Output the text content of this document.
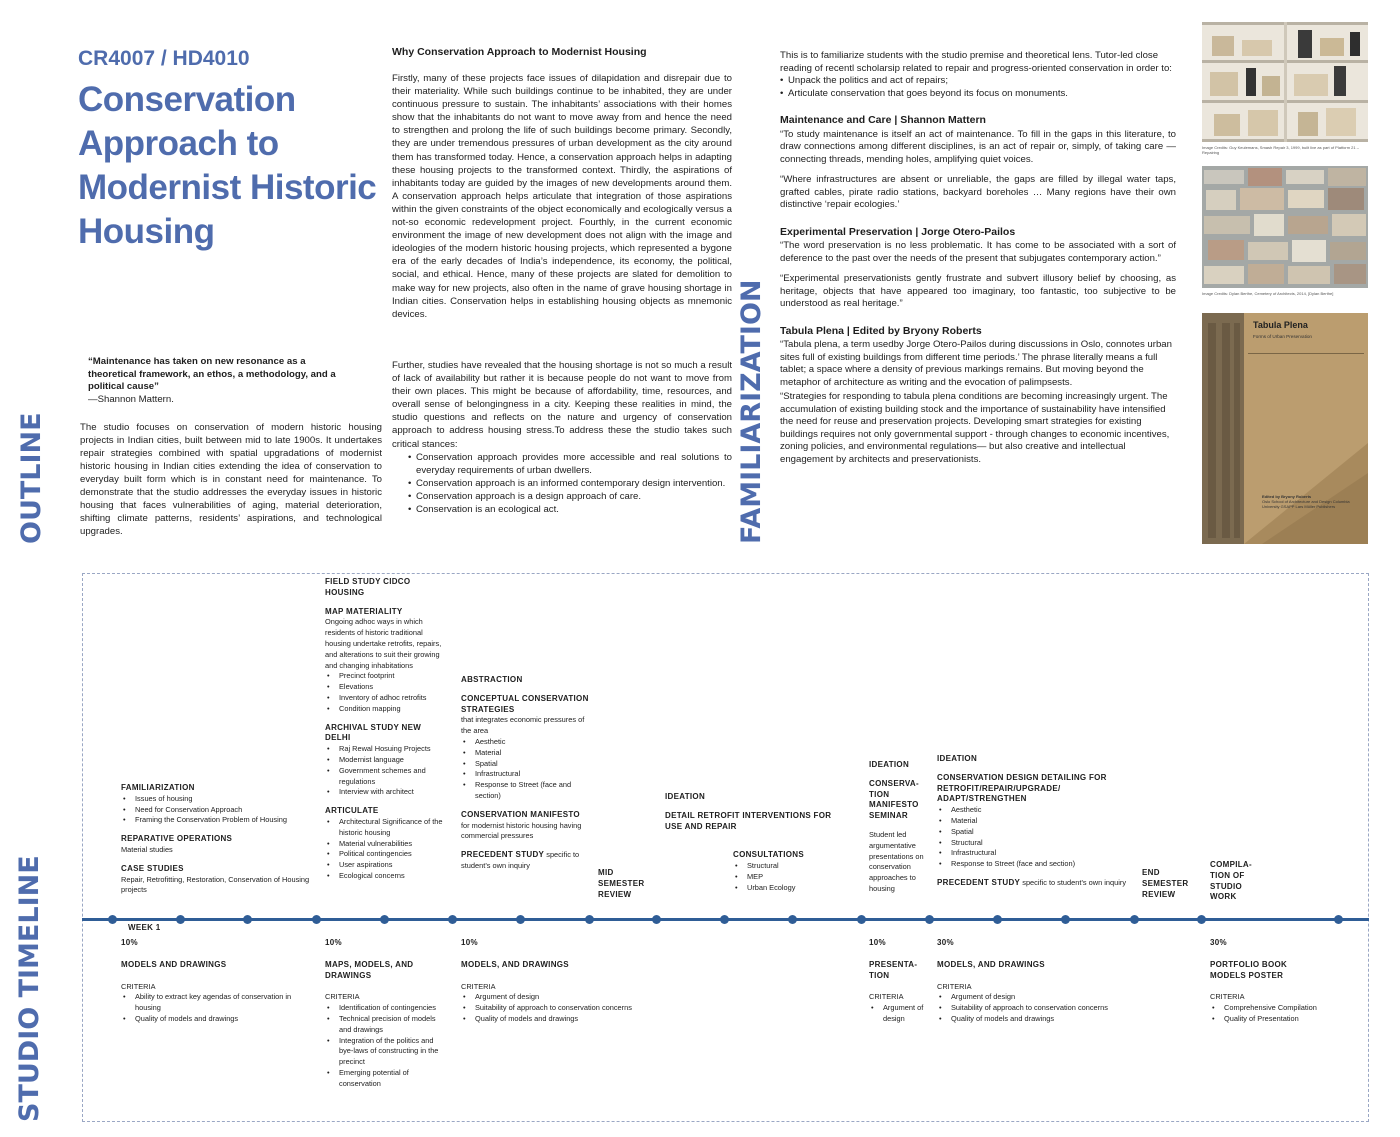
OUTLINE
CR4007 / HD4010
Conservation Approach to Modernist Historic Housing
“Maintenance has taken on new resonance as a theoretical framework, an ethos, a methodology, and a political cause”
—Shannon Mattern.
The studio focuses on conservation of modern historic housing projects in Indian cities, built between mid to late 1900s. It undertakes repair strategies combined with spatial upgradations of modernist historic housing in Indian cities extending the idea of conservation to everyday built form which is in constant need for maintenance. To demonstrate that the studio addresses the everyday issues in historic housing that faces vulnerabilities of aging, material deterioration, shifting climate patterns, residents’ aspirations, and technological upgrades.
Why Conservation Approach to Modernist Housing
Firstly, many of these projects face issues of dilapidation and disrepair due to their materiality. While such buildings continue to be inhabited, they are under continuous pressure to sustain. The inhabitants’ associations with their homes show that the inhabitants do not want to move away from and hence the need to strengthen and prolong the life of such buildings become primary. Secondly, they are under tremendous pressures of urban development as the city around them has transformed today. Hence, a conservation approach helps in adapting these housing projects to the transformed context. Thirdly, the aspirations of inhabitants today are guided by the images of new developments around them. A conservation approach helps articulate that integration of those aspirations within the given constraints of the object economically and ecologically versus a not-so economic redevelopment project. Fourthly, in the current economic environment the image of new development does not align with the image and ideologies of the modern historic housing projects, which represented a bygone era of the early decades of India’s independence, its economy, the political, social, and ethical. Hence, many of these projects are slated for demolition to make way for new projects, also often in the name of grave housing shortage in Indian cities. Conservation helps in establishing housing objects as mnemonic devices.
Further, studies have revealed that the housing shortage is not so much a result of lack of availability but rather it is because people do not want to move from their own places. This might be because of affordability, time, resources, and overall sense of belongingness in a city. Keeping these realities in mind, the studio questions and reflects on the nature and urgency of conservation approach to address housing stress.To address these the studio takes such critical stances:
• Conservation approach provides more accessible and real solutions to everyday requirements of urban dwellers.
• Conservation approach is an informed contemporary design intervention.
• Conservation approach is a design approach of care.
• Conservation is an ecological act.	FAMILIARIZATION
This is to familiarize students with the studio premise and theoretical lens. Tutor-led close reading of recentl scholarsip related to repair and progress-oriented conservation in order to:
• Unpack the politics and act of repairs;
• Articulate conservation that goes beyond its focus on monuments.
Maintenance and Care | Shannon Mattern

“To study maintenance is itself an act of maintenance. To fill in the gaps in this literature, to draw connections among different disciplines, is an act of repair or, simply, of taking care — connecting threads, mending holes, amplifying quiet voices.

“Where infrastructures are absent or unreliable, the gaps are filled by illegal water taps, grafted cables, pirate radio stations, backyard boreholes … Many regions have their own distinctive ‘repair ecologies.’

Experimental Preservation | Jorge Otero-Pailos

“The word preservation is no less problematic. It has come to be associated with a sort of deference to the past over the needs of the present that subjugates contemporary action.”

“Experimental preservationists gently frustrate and subvert illusory belief by choosing, as heritage, objects that have appeared too imaginary, too fantastic, too subjective to be understood as real heritage.”

Tabula Plena | Edited by Bryony Roberts

“Tabula plena, a term usedby Jorge Otero-Pailos during discussions in Oslo, connotes urban sites full of existing buildings from different time periods.’ The phrase literally means a full tablet; a space where a density of previous markings remains. But moving beyond the metaphor of architecture as writing and the evocation of palimpsests.

“Strategies for responding to tabula plena conditions are becoming increasingly urgent. The accumulation of existing building stock and the importance of sustainability have intensified the need for reuse and preservation projects. Developing smart strategies for existing buildings requires not only governmental support - through changes to economic incentives, zoning policies, and environmental regulations— but also creative and intellectual engagement by architects and preservationists.

Image Credits: Guy Keulemans, Smash Repair 3, 1999, built live as part of Platform 21 – Repairing
Image Credits: Dylan Berthe, Cemetery of Architects, 2014, [Dylan Berthe]
Tabula Plena
Forms of Urban Preservation
Edited by Bryony Roberts
Oslo School of Architecture and Design Columbia University GSAPP Lars Müller Publishers
STUDIO TIMELINE
FAMILIARIZATION
• Issues of housing
• Need for Conservation Approach
• Framing the Conservation Problem of Housing
REPARATIVE OPERATIONS
Material studies
CASE STUDIES
Repair, Retrofitting, Restoration, Conservation of Housing projects
WEEK 1
10%
MODELS AND DRAWINGS
CRITERIA
• Ability to extract key agendas of conservation in housing
• Quality of models and drawings
FIELD STUDY CIDCO HOUSING
MAP MATERIALITY
Ongoing adhoc ways in which residents of historic traditional housing undertake retrofits, repairs, and alterations to suit their growing and changing inhabitations
• Precinct footprint
• Elevations
• Inventory of adhoc retrofits
• Condition mapping
ARCHIVAL STUDY NEW DELHI
• Raj Rewal Hosuing Projects
• Modernist language
• Government schemes and regulations
• Interview with architect
ARTICULATE
• Architectural Significance of the historic housing
• Material vulnerabilities
• Political contingencies
• User aspirations
• Ecological concerns
10%
MAPS, MODELS, AND DRAWINGS
CRITERIA
• Identification of contingencies
• Technical precision of models and drawings
• Integration of the politics and bye-laws of constructing in the precinct
• Emerging potential of conservation
ABSTRACTION
CONCEPTUAL CONSERVATION STRATEGIES
that integrates economic pressures of the area
• Aesthetic
• Material
• Spatial
• Infrastructural
• Response to Street (face and section)
CONSERVATION MANIFESTO for modernist historic housing having commercial pressures
PRECEDENT STUDY specific to student’s own inquiry
10%
MODELS, AND DRAWINGS
CRITERIA
• Argument of design
• Suitability of approach to conservation concerns
• Quality of models and drawings
MID SEMESTER REVIEW
IDEATION
DETAIL RETROFIT INTERVENTIONS FOR USE AND REPAIR
CONSULTATIONS
• Structural
• MEP
• Urban Ecology
IDEATION
CONSERVA-TION MANIFESTO SEMINAR
Student led argumentative presentations on conservation approaches to housing
10%
PRESENTA-TION
CRITERIA
• Argument of design
IDEATION
CONSERVATION DESIGN DETAILING FOR RETROFIT/REPAIR/UPGRADE/ ADAPT/STRENGTHEN
• Aesthetic
• Material
• Spatial
• Structural
• Infrastructural
• Response to Street (face and section)
PRECEDENT STUDY specific to student’s own inquiry
30%
MODELS, AND DRAWINGS
CRITERIA
• Argument of design
• Suitability of approach to conservation concerns
• Quality of models and drawings
END SEMESTER REVIEW
COMPILA-TION OF STUDIO WORK
30%
PORTFOLIO BOOK MODELS POSTER
CRITERIA
• Comprehensive Compilation
• Quality of Presentation
